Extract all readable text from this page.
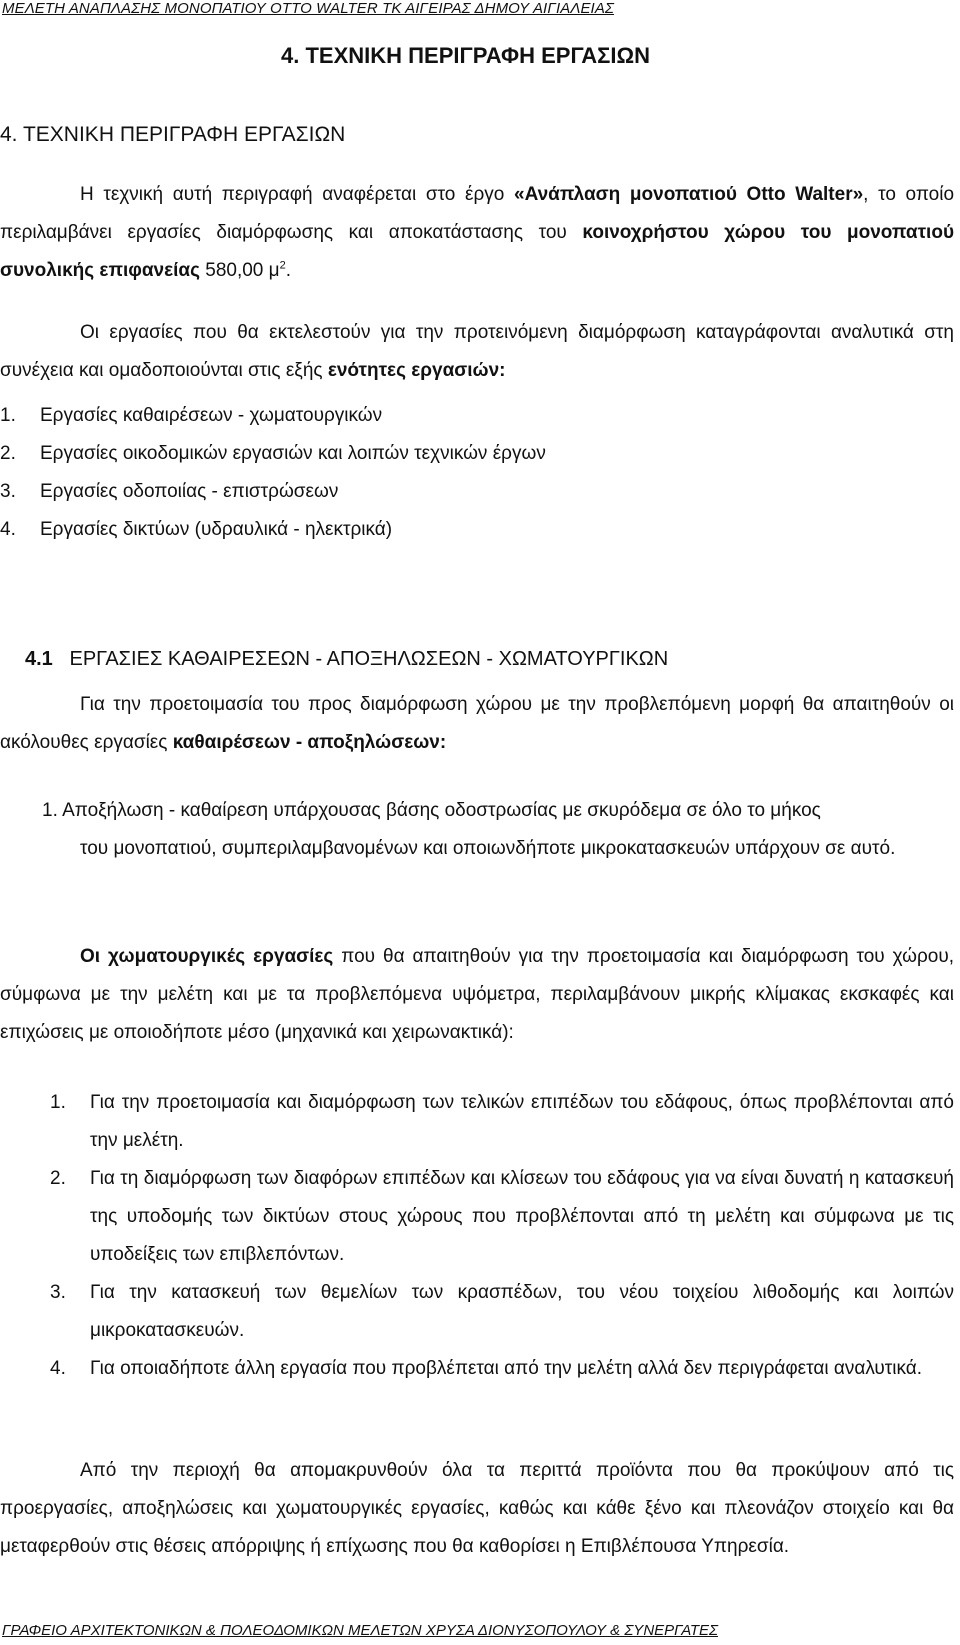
ΜΕΛΕΤΗ ΑΝΑΠΛΑΣΗΣ ΜΟΝΟΠΑΤΙΟΥ OTTO WALTER ΤΚ ΑΙΓΕΙΡΑΣ ΔΗΜΟΥ ΑΙΓΙΑΛΕΙΑΣ
4. ΤΕΧΝΙΚΗ ΠΕΡΙΓΡΑΦΗ ΕΡΓΑΣΙΩΝ
4. ΤΕΧΝΙΚΗ ΠΕΡΙΓΡΑΦΗ ΕΡΓΑΣΙΩΝ
Η τεχνική αυτή περιγραφή αναφέρεται στο έργο «Ανάπλαση μονοπατιού Otto Walter», το οποίο περιλαμβάνει εργασίες διαμόρφωσης και αποκατάστασης του κοινοχρήστου χώρου του μονοπατιού συνολικής επιφανείας 580,00 $\mu^2$.
Οι εργασίες που θα εκτελεστούν για την προτεινόμενη διαμόρφωση καταγράφονται αναλυτικά στη συνέχεια και ομαδοποιούνται στις εξής ενότητες εργασιών:
1. Εργασίες καθαιρέσεων - χωματουργικών
2. Εργασίες οικοδομικών εργασιών και λοιπών τεχνικών έργων
3. Εργασίες οδοποιίας - επιστρώσεων
4. Εργασίες δικτύων (υδραυλικά - ηλεκτρικά)
4.1 ΕΡΓΑΣΙΕΣ ΚΑΘΑΙΡΕΣΕΩΝ - ΑΠΟΞΗΛΩΣΕΩΝ - ΧΩΜΑΤΟΥΡΓΙΚΩΝ
Για την προετοιμασία του προς διαμόρφωση χώρου με την προβλεπόμενη μορφή θα απαιτηθούν οι ακόλουθες εργασίες καθαιρέσεων - αποξηλώσεων:
1. Αποξήλωση - καθαίρεση υπάρχουσας βάσης οδοστρωσίας με σκυρόδεμα σε όλο το μήκος
του μονοπατιού, συμπεριλαμβανομένων και οποιωνδήποτε μικροκατασκευών υπάρχουν σε αυτό.
Οι χωματουργικές εργασίες που θα απαιτηθούν για την προετοιμασία και διαμόρφωση του χώρου, σύμφωνα με την μελέτη και με τα προβλεπόμενα υψόμετρα, περιλαμβάνουν μικρής κλίμακας εκσκαφές και επιχώσεις με οποιοδήποτε μέσο (μηχανικά και χειρωνακτικά):
1. Για την προετοιμασία και διαμόρφωση των τελικών επιπέδων του εδάφους, όπως προβλέπονται από την μελέτη.
2. Για τη διαμόρφωση των διαφόρων επιπέδων και κλίσεων του εδάφους για να είναι δυνατή η κατασκευή της υποδομής των δικτύων στους χώρους που προβλέπονται από τη μελέτη και σύμφωνα με τις υποδείξεις των επιβλεπόντων.
3. Για την κατασκευή των θεμελίων των κρασπέδων, του νέου τοιχείου λιθοδομής και λοιπών μικροκατασκευών.
4. Για οποιαδήποτε άλλη εργασία που προβλέπεται από την μελέτη αλλά δεν περιγράφεται αναλυτικά.
Από την περιοχή θα απομακρυνθούν όλα τα περιττά προϊόντα που θα προκύψουν από τις προεργασίες, αποξηλώσεις και χωματουργικές εργασίες, καθώς και κάθε ξένο και πλεονάζον στοιχείο και θα μεταφερθούν στις θέσεις απόρριψης ή επίχωσης που θα καθορίσει η Επιβλέπουσα Υπηρεσία.
ΓΡΑΦΕΙΟ ΑΡΧΙΤΕΚΤΟΝΙΚΩΝ & ΠΟΛΕΟΔΟΜΙΚΩΝ ΜΕΛΕΤΩΝ ΧΡΥΣΑ ΔΙΟΝΥΣΟΠΟΥΛΟΥ & ΣΥΝΕΡΓΑΤΕΣ
